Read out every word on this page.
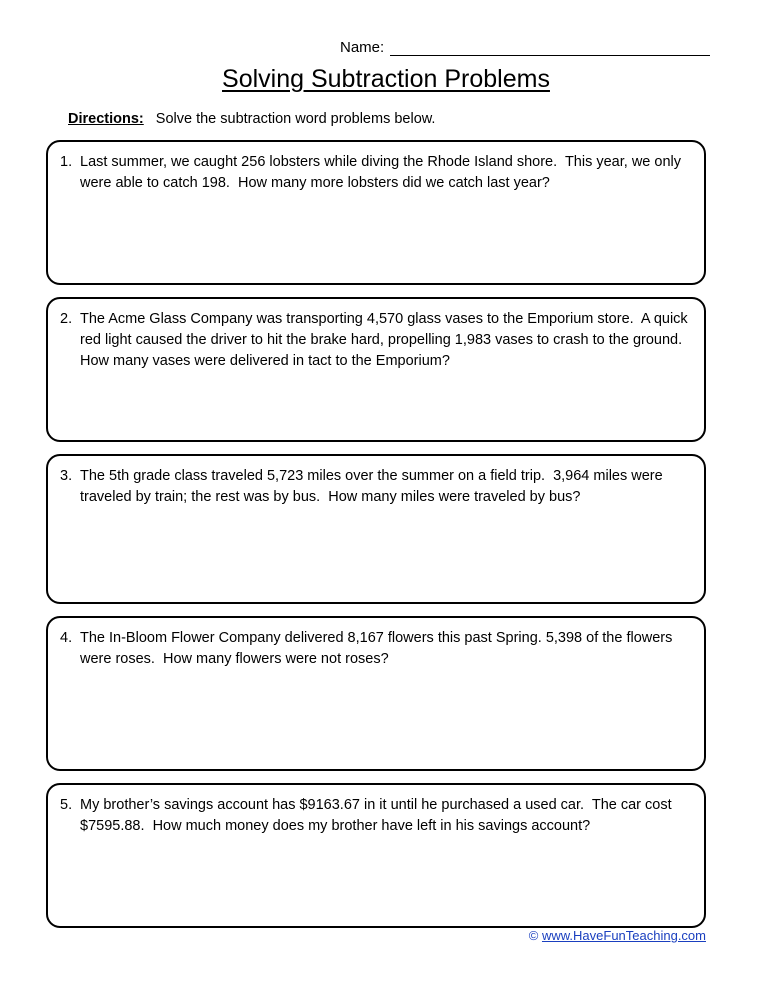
Name:
Solving Subtraction Problems
Directions: Solve the subtraction word problems below.
1. Last summer, we caught 256 lobsters while diving the Rhode Island shore.  This year, we only were able to catch 198.  How many more lobsters did we catch last year?
2. The Acme Glass Company was transporting 4,570 glass vases to the Emporium store.  A quick red light caused the driver to hit the brake hard, propelling 1,983 vases to crash to the ground.  How many vases were delivered in tact to the Emporium?
3. The 5th grade class traveled 5,723 miles over the summer on a field trip.  3,964 miles were traveled by train; the rest was by bus.  How many miles were traveled by bus?
4. The In-Bloom Flower Company delivered 8,167 flowers this past Spring. 5,398 of the flowers were roses.  How many flowers were not roses?
5. My brother’s savings account has $9163.67 in it until he purchased a used car.  The car cost $7595.88.  How much money does my brother have left in his savings account?
© www.HaveFunTeaching.com
